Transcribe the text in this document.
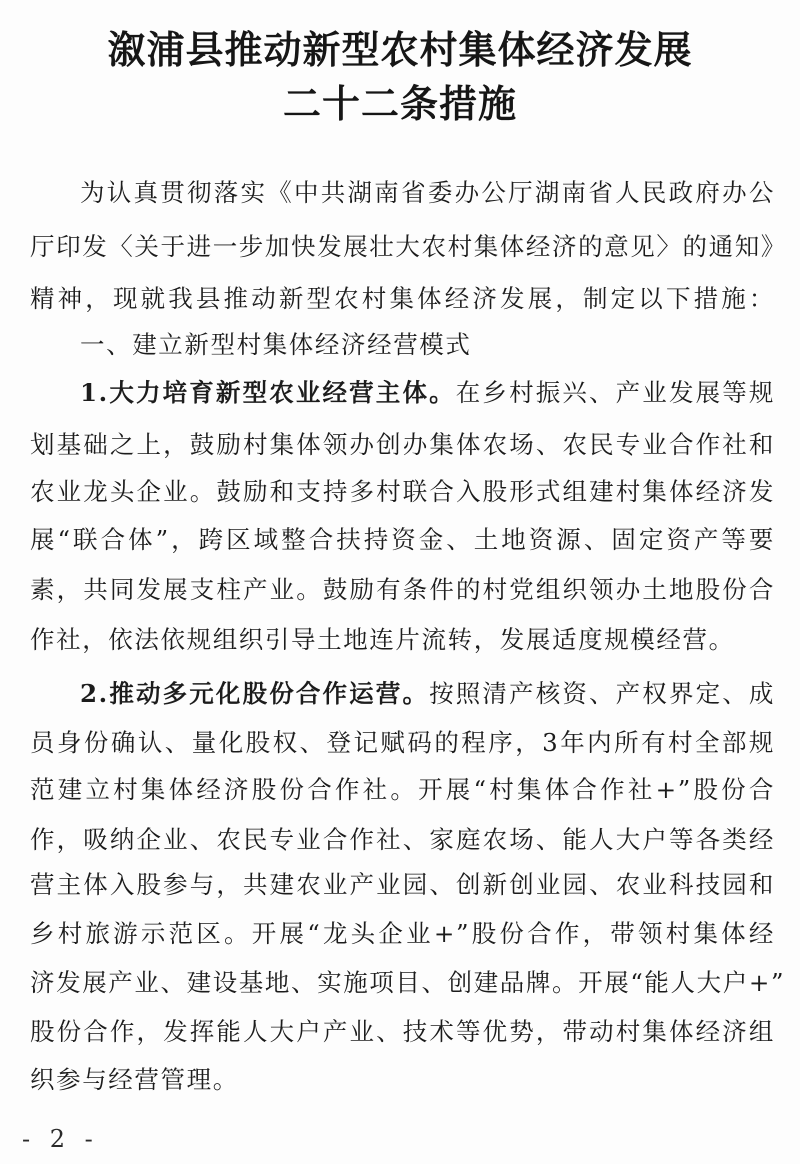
溆浦县推动新型农村集体经济发展
二十二条措施
为认真贯彻落实《中共湖南省委办公厅湖南省人民政府办公
厅印发〈关于进一步加快发展壮大农村集体经济的意见〉的通知》
精神，现就我县推动新型农村集体经济发展，制定以下措施：
一、建立新型村集体经济经营模式
1.大力培育新型农业经营主体。在乡村振兴、产业发展等规
划基础之上，鼓励村集体领办创办集体农场、农民专业合作社和
农业龙头企业。鼓励和支持多村联合入股形式组建村集体经济发
展“联合体”，跨区域整合扶持资金、土地资源、固定资产等要
素，共同发展支柱产业。鼓励有条件的村党组织领办土地股份合
作社，依法依规组织引导土地连片流转，发展适度规模经营。
2.推动多元化股份合作运营。按照清产核资、产权界定、成
员身份确认、量化股权、登记赋码的程序，3年内所有村全部规
范建立村集体经济股份合作社。开展“村集体合作社+”股份合
作，吸纳企业、农民专业合作社、家庭农场、能人大户等各类经
营主体入股参与，共建农业产业园、创新创业园、农业科技园和
乡村旅游示范区。开展“龙头企业+”股份合作，带领村集体经
济发展产业、建设基地、实施项目、创建品牌。开展“能人大户+”
股份合作，发挥能人大户产业、技术等优势，带动村集体经济组
织参与经营管理。
- 2 -
